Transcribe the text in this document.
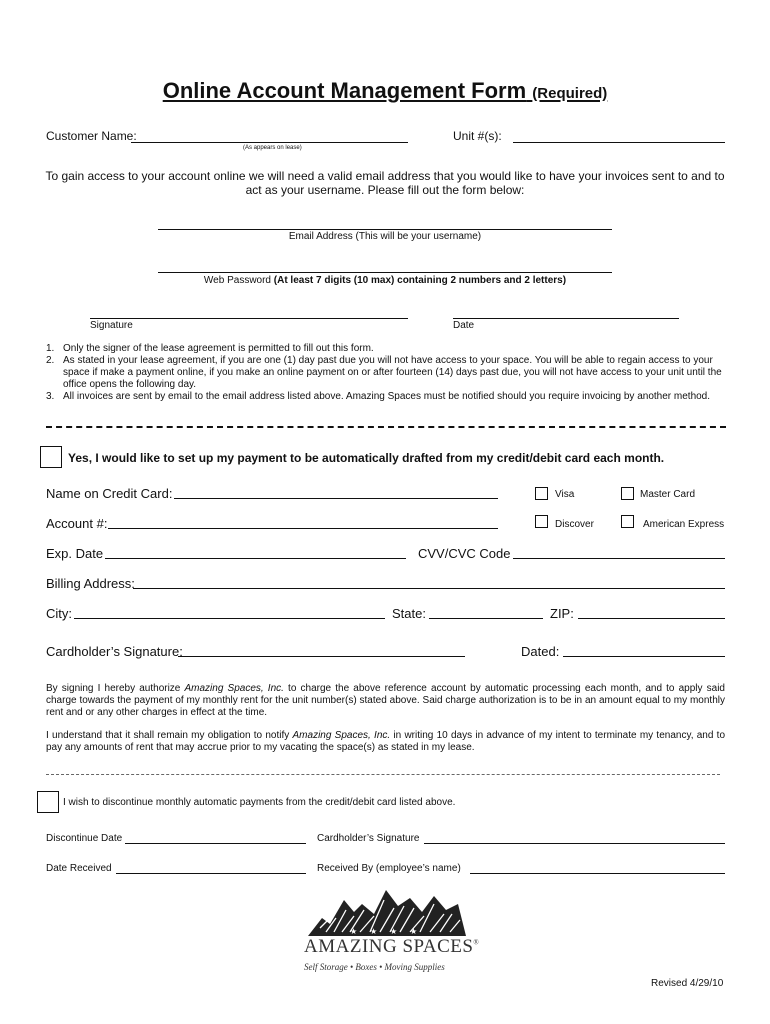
Online Account Management Form (Required)
Customer Name:
(As appears on lease)
Unit #(s):
To gain access to your account online we will need a valid email address that you would like to have your invoices sent to and to act as your username. Please fill out the form below:
Email Address (This will be your username)
Web Password (At least 7 digits (10 max) containing 2 numbers and 2 letters)
Signature	Date
1. Only the signer of the lease agreement is permitted to fill out this form.
2. As stated in your lease agreement, if you are one (1) day past due you will not have access to your space. You will be able to regain access to your space if make a payment online, if you make an online payment on or after fourteen (14) days past due, you will not have access to your unit until the office opens the following day.
3. All invoices are sent by email to the email address listed above. Amazing Spaces must be notified should you require invoicing by another method.
Yes, I would like to set up my payment to be automatically drafted from my credit/debit card each month.
Name on Credit Card:	Visa	Master Card
Account #:	Discover	American Express
Exp. Date	CVV/CVC Code
Billing Address:
City:	State:	ZIP:
Cardholder’s Signature:	Dated:
By signing I hereby authorize Amazing Spaces, Inc. to charge the above reference account by automatic processing each month, and to apply said charge towards the payment of my monthly rent for the unit number(s) stated above. Said charge authorization is to be in an amount equal to my monthly rent and or any other charges in effect at the time.
I understand that it shall remain my obligation to notify Amazing Spaces, Inc. in writing 10 days in advance of my intent to terminate my tenancy, and to pay any amounts of rent that may accrue prior to my vacating the space(s) as stated in my lease.
I wish to discontinue monthly automatic payments from the credit/debit card listed above.
Discontinue Date	Cardholder’s Signature
Date Received	Received By (employee’s name)
★ ★ ★ ★
AMAZING SPACES®
Self Storage • Boxes • Moving Supplies
Revised 4/29/10
